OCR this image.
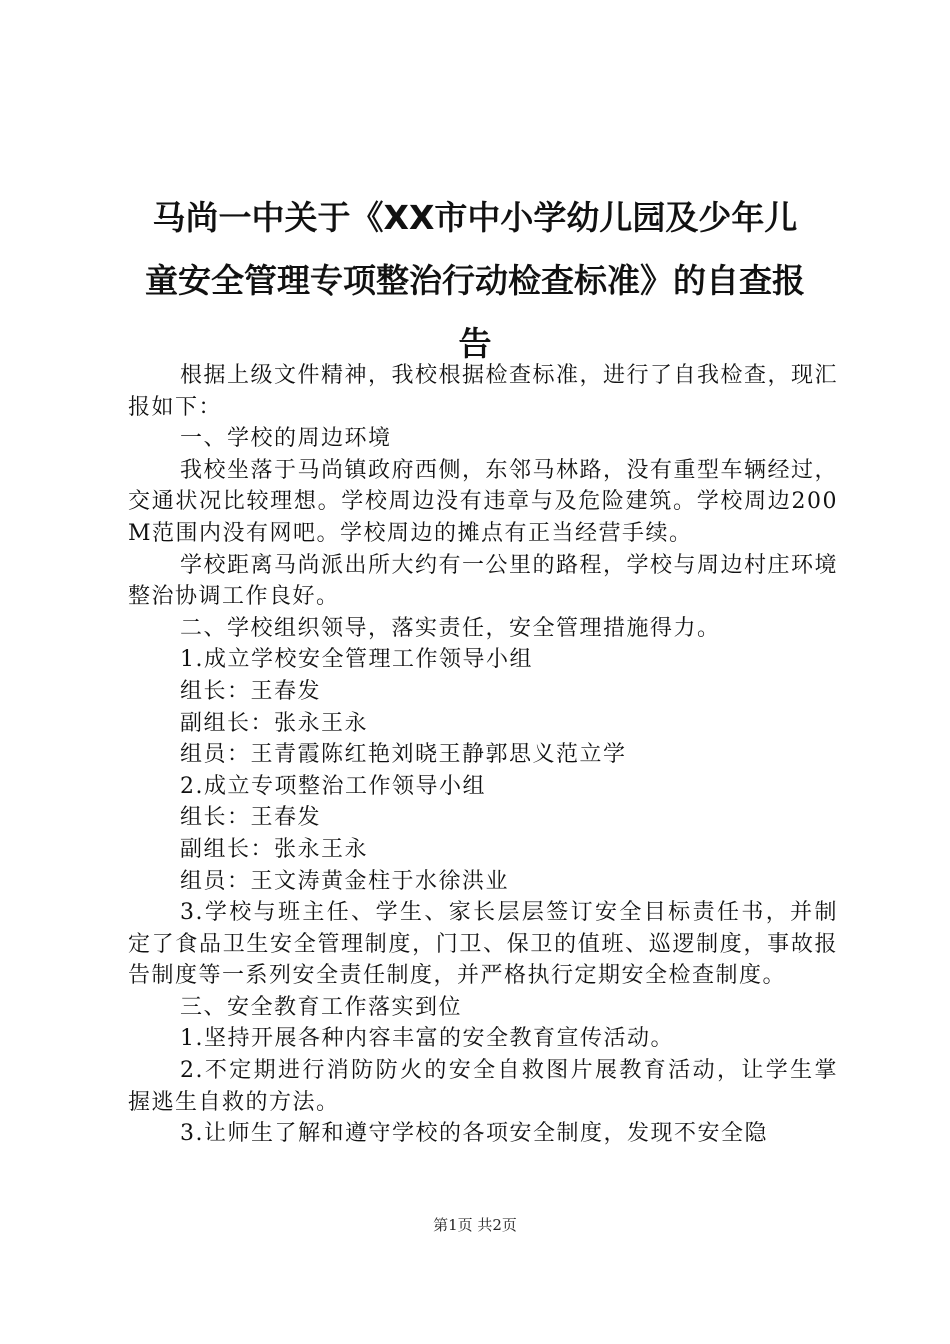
马尚一中关于《XX市中小学幼儿园及少年儿
童安全管理专项整治行动检查标准》的自查报
告

根据上级文件精神，我校根据检查标准，进行了自我检查，现汇报如下：

一、学校的周边环境

我校坐落于马尚镇政府西侧，东邻马林路，没有重型车辆经过，交通状况比较理想。学校周边没有违章与及危险建筑。学校周边200 M范围内没有网吧。学校周边的摊点有正当经营手续。

学校距离马尚派出所大约有一公里的路程，学校与周边村庄环境整治协调工作良好。

二、学校组织领导，落实责任，安全管理措施得力。

1.成立学校安全管理工作领导小组

组长：王春发

副组长：张永王永

组员：王青霞陈红艳刘晓王静郭思义范立学

2.成立专项整治工作领导小组

组长：王春发

副组长：张永王永

组员：王文涛黄金柱于水徐洪业

3.学校与班主任、学生、家长层层签订安全目标责任书，并制定了食品卫生安全管理制度，门卫、保卫的值班、巡逻制度，事故报告制度等一系列安全责任制度，并严格执行定期安全检查制度。

三、安全教育工作落实到位

1.坚持开展各种内容丰富的安全教育宣传活动。

2.不定期进行消防防火的安全自救图片展教育活动，让学生掌握逃生自救的方法。

3.让师生了解和遵守学校的各项安全制度，发现不安全隐

第1页 共2页
